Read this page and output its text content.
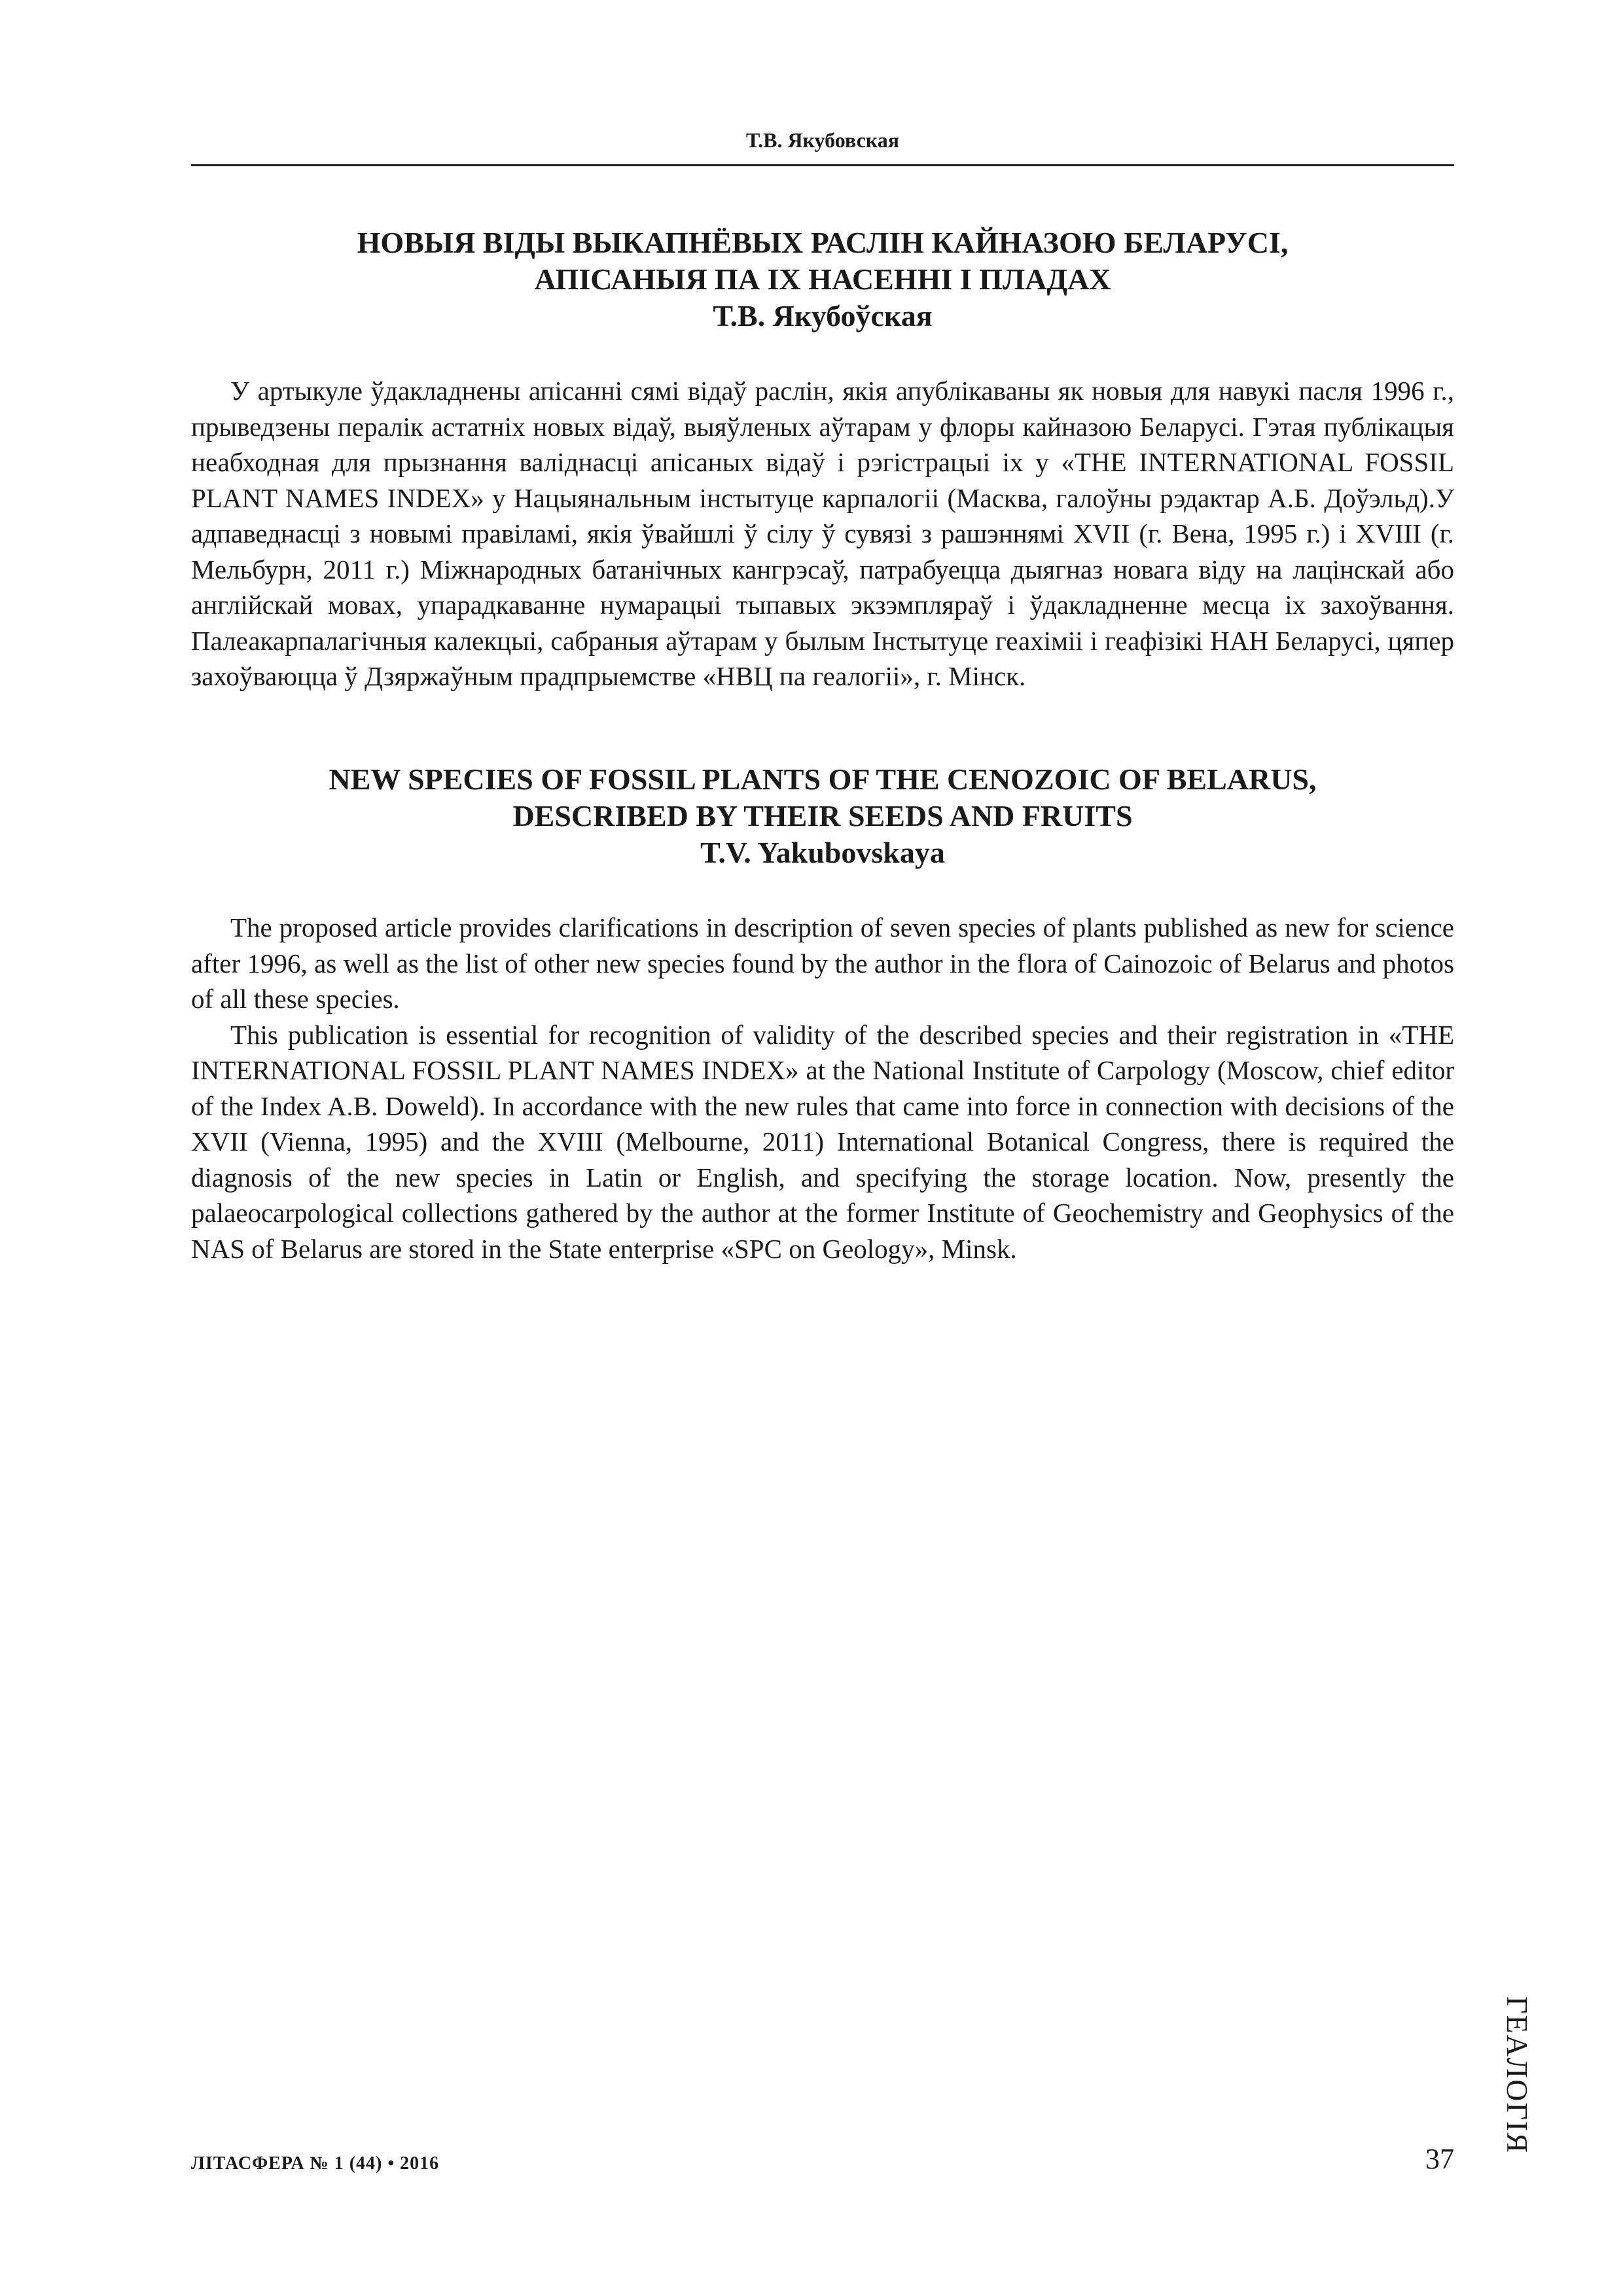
Т.В. Якубовская
НОВЫЯ ВІДЫ ВЫКАПНЁВЫХ РАСЛІН КАЙНАЗОЮ БЕЛАРУСІ,
АПІСАНЫЯ ПА ІХ НАСЕННІ І ПЛАДАХ
Т.В. Якубоўская

У артыкуле ўдакладнены апісанні сямі відаў раслін, якія апублікаваны як новыя для навукі пасля 1996 г., прыведзены пералік астатніх новых відаў, выяўленых аўтарам у флоры кайназою Беларусі. Гэтая публікацыя неабходная для прызнання валіднасці апісаных відаў і рэгістрацыі іх у «THE INTERNATIONAL FOSSIL PLANT NAMES INDEX» у Нацыянальным інстытуце карпалогіі (Масква, галоўны рэдактар А.Б. Доўэльд).У адпаведнасці з новымі правіламі, якія ўвайшлі ў сілу ў сувязі з рашэннямі XVII (г. Вена, 1995 г.) і XVIII (г. Мельбурн, 2011 г.) Міжнародных батанічных кангрэсаў, патрабуецца дыягназ новага віду на лацінскай або англійскай мовах, упарадкаванне нумарацыі тыпавых экзэмпляраў і ўдакладненне месца іх захоўвання. Палеакарпалагічныя калекцыі, сабраныя аўтарам у былым Інстытуце геахіміі і геафізікі НАН Беларусі, цяпер захоўваюцца ў Дзяржаўным прадпрыемстве «НВЦ па геалогіі», г. Мінск.

NEW SPECIES OF FOSSIL PLANTS OF THE CENOZOIC OF BELARUS,
DESCRIBED BY THEIR SEEDS AND FRUITS
T.V. Yakubovskaya

The proposed article provides clarifications in description of seven species of plants published as new for science after 1996, as well as the list of other new species found by the author in the flora of Cainozoic of Belarus and photos of all these species.

This publication is essential for recognition of validity of the described species and their registration in «THE INTERNATIONAL FOSSIL PLANT NAMES INDEX» at the National Institute of Carpology (Moscow, chief editor of the Index A.B. Doweld). In accordance with the new rules that came into force in connection with decisions of the XVII (Vienna, 1995) and the XVIII (Melbourne, 2011) International Botanical Congress, there is required the diagnosis of the new species in Latin or English, and specifying the storage location. Now, presently the palaeocarpological collections gathered by the author at the former Institute of Geochemistry and Geophysics of the NAS of Belarus are stored in the State enterprise «SPC on Geology», Minsk.

ГЕАЛОГІЯ
ЛІТАСФЕРА № 1 (44) • 2016	37
